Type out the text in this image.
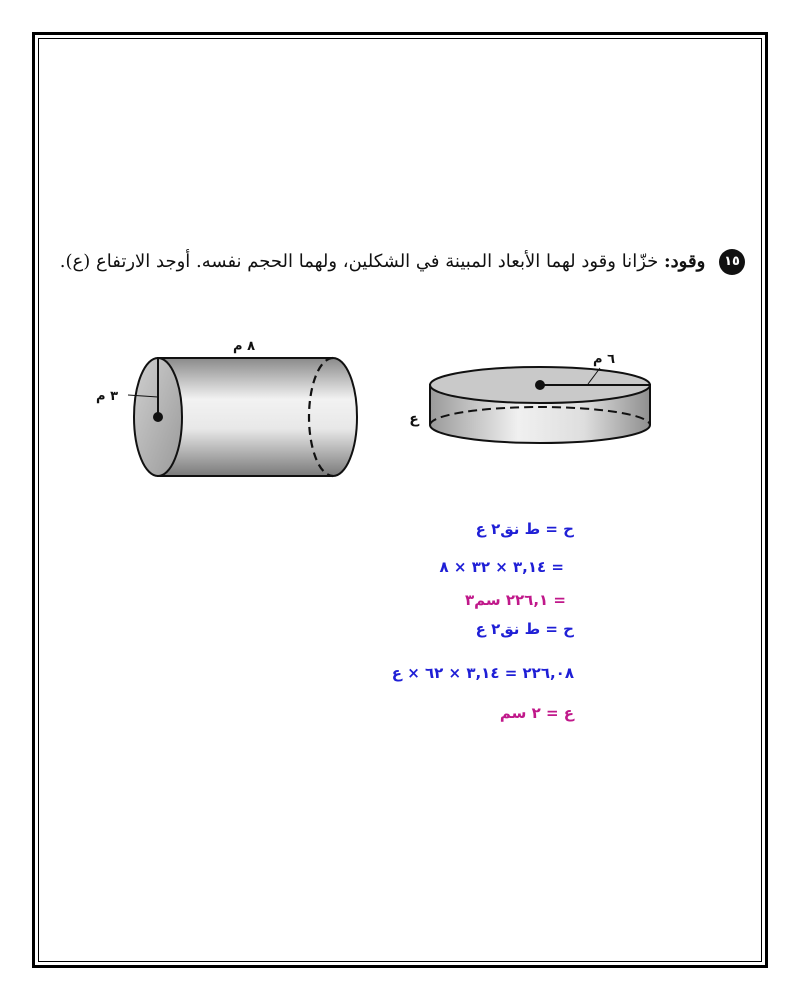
١٥ وقود: خزّانا وقود لهما الأبعاد المبينة في الشكلين، ولهما الحجم نفسه. أوجد الارتفاع (ع).
٣ م
٨ م
٦ م
ع
ح = ط نق٢ ع
= ٣,١٤ × ٣٢ × ٨
= ٢٢٦,١ سم٣
ح = ط نق٢ ع
٢٢٦,٠٨ = ٣,١٤ × ٦٢ × ع
ع = ٢ سم
